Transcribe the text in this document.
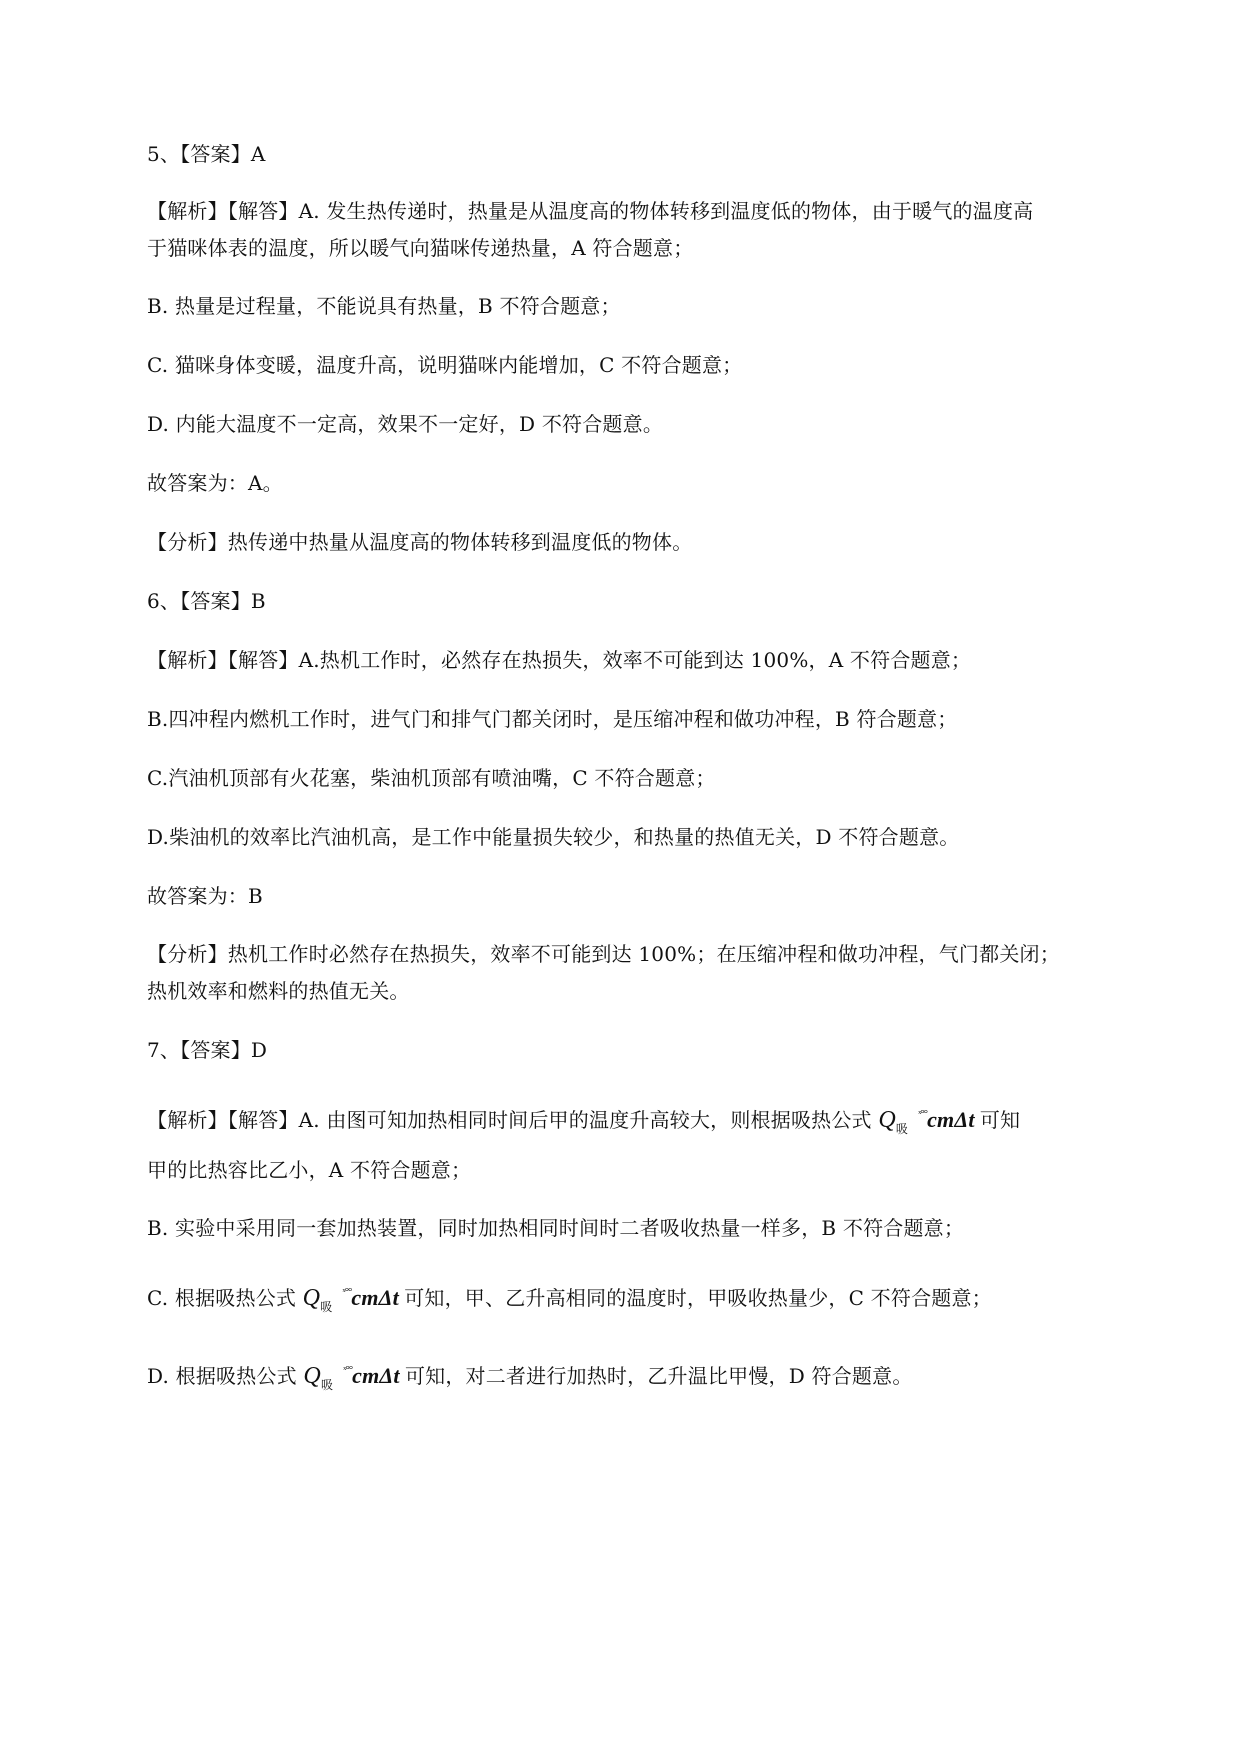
5、【答案】A
【解析】【解答】A. 发生热传递时，热量是从温度高的物体转移到温度低的物体，由于暖气的温度高
于猫咪体表的温度，所以暖气向猫咪传递热量，A 符合题意；
B. 热量是过程量，不能说具有热量，B 不符合题意；
C. 猫咪身体变暖，温度升高，说明猫咪内能增加，C 不符合题意；
D. 内能大温度不一定高，效果不一定好，D 不符合题意。
故答案为：A。
【分析】热传递中热量从温度高的物体转移到温度低的物体。
6、【答案】B
【解析】【解答】A.热机工作时，必然存在热损失，效率不可能到达 100%，A 不符合题意；
B.四冲程内燃机工作时，进气门和排气门都关闭时，是压缩冲程和做功冲程，B 符合题意；
C.汽油机顶部有火花塞，柴油机顶部有喷油嘴，C 不符合题意；
D.柴油机的效率比汽油机高，是工作中能量损失较少，和热量的热值无关，D 不符合题意。
故答案为：B
【分析】热机工作时必然存在热损失，效率不可能到达 100%；在压缩冲程和做功冲程，气门都关闭；
热机效率和燃料的热值无关。
7、【答案】D
【解析】【解答】A. 由图可知加热相同时间后甲的温度升高较大，则根据吸热公式 $Q_吸^{ˣ^\circ^\circ}cm\Delta t$ 可知
甲的比热容比乙小，A 不符合题意；
B. 实验中采用同一套加热装置，同时加热相同时间时二者吸收热量一样多，B 不符合题意；
C. 根据吸热公式 $Q_吸^{ˣ^\circ^\circ}cm\Delta t$ 可知，甲、乙升高相同的温度时，甲吸收热量少，C 不符合题意；
D. 根据吸热公式 $Q_吸^{ˣ^\circ^\circ}cm\Delta t$ 可知，对二者进行加热时，乙升温比甲慢，D 符合题意。
